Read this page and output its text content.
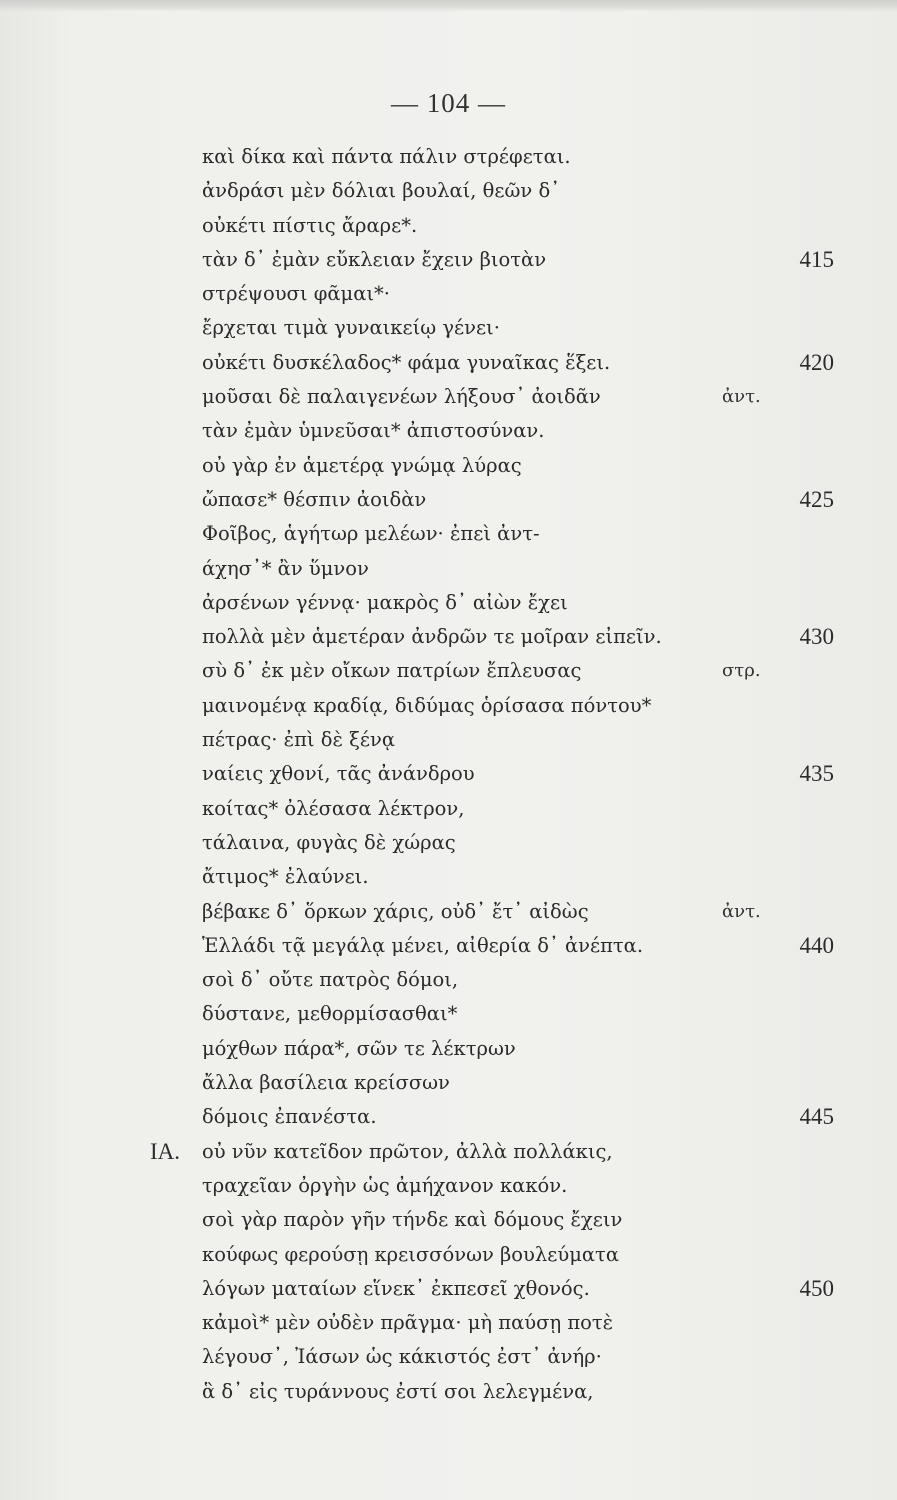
— 104 —
καὶ δίκα καὶ πάντα πάλιν στρέφεται.
ἀνδράσι μὲν δόλιαι βουλαί, θεῶν δ᾿
οὐκέτι πίστις ἄραρε*.
τὰν δ᾿ ἐμὰν εὔκλειαν ἔχειν βιοτὰν	415
στρέψουσι φᾶμαι*·
ἔρχεται τιμὰ γυναικείῳ γένει·
οὐκέτι δυσκέλαδος* φάμα γυναῖκας ἕξει.	420
μοῦσαι δὲ παλαιγενέων λήξουσ᾿ ἀοιδᾶν	ἀντ.
τὰν ἐμὰν ὑμνεῦσαι* ἀπιστοσύναν.
οὐ γὰρ ἐν ἁμετέρᾳ γνώμᾳ λύρας
ὤπασε* θέσπιν ἀοιδὰν	425
Φοῖβος, ἁγήτωρ μελέων· ἐπεὶ ἀντ-
άχησ᾿* ἂν ὕμνον
ἀρσένων γέννᾳ· μακρὸς δ᾿ αἰὼν ἔχει
πολλὰ μὲν ἁμετέραν ἀνδρῶν τε μοῖραν εἰπεῖν.	430
σὺ δ᾿ ἐκ μὲν οἴκων πατρίων ἔπλευσας	στρ.
μαινομένᾳ κραδίᾳ, διδύμας ὁρίσασα πόντου*
πέτρας· ἐπὶ δὲ ξένᾳ
ναίεις χθονί, τᾶς ἀνάνδρου	435
κοίτας* ὀλέσασα λέκτρον,
τάλαινα, φυγὰς δὲ χώρας
ἄτιμος* ἐλαύνει.
βέβακε δ᾿ ὅρκων χάρις, οὐδ᾿ ἔτ᾿ αἰδὼς	ἀντ.
Ἑλλάδι τᾷ μεγάλᾳ μένει, αἰθερία δ᾿ ἀνέπτα.	440
σοὶ δ᾿ οὔτε πατρὸς δόμοι,
δύστανε, μεθορμίσασθαι*
μόχθων πάρα*, σῶν τε λέκτρων
ἄλλα βασίλεια κρείσσων
δόμοις ἐπανέστα.	445
ΙΑ. οὐ νῦν κατεῖδον πρῶτον, ἀλλὰ πολλάκις,
τραχεῖαν ὀργὴν ὡς ἀμήχανον κακόν.
σοὶ γὰρ παρὸν γῆν τήνδε καὶ δόμους ἔχειν
κούφως φερούσῃ κρεισσόνων βουλεύματα
λόγων ματαίων εἵνεκ᾿ ἐκπεσεῖ χθονός.	450
κἀμοὶ* μὲν οὐδὲν πρᾶγμα· μὴ παύσῃ ποτὲ
λέγουσ᾿, Ἰάσων ὡς κάκιστός ἐστ᾿ ἀνήρ·
ἃ δ᾿ εἰς τυράννους ἐστί σοι λελεγμένα,
